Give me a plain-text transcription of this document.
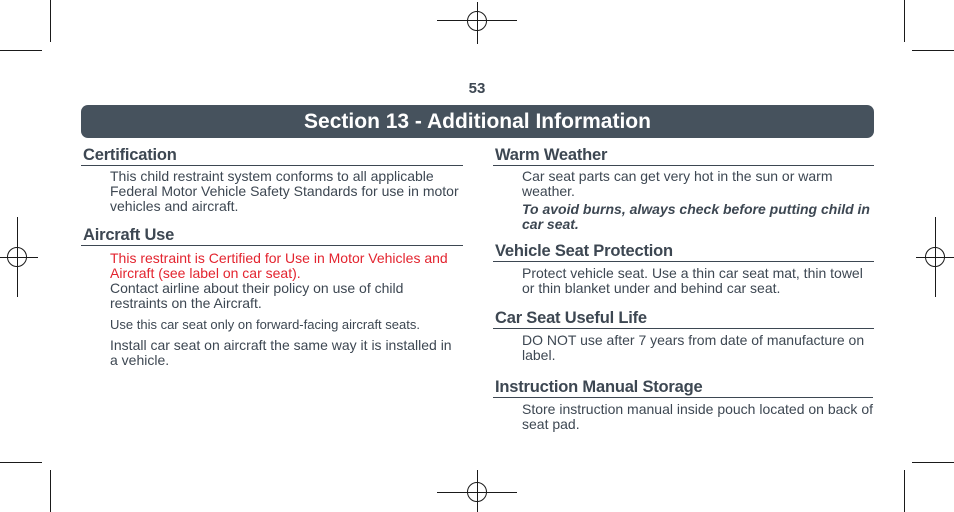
53
Section 13 - Additional Information
Certification
This child restraint system conforms to all applicable Federal Motor Vehicle Safety Standards for use in motor vehicles and aircraft.
Aircraft Use
This restraint is Certified for Use in Motor Vehicles and Aircraft (see label on car seat).
Contact airline about their policy on use of child restraints on the Aircraft.
Use this car seat only on forward-facing aircraft seats.
Install car seat on aircraft the same way it is installed in a vehicle.
Warm Weather
Car seat parts can get very hot in the sun or warm weather.
To avoid burns, always check before putting child in car seat.
Vehicle Seat Protection
Protect vehicle seat. Use a thin car seat mat, thin towel or thin blanket under and behind car seat.
Car Seat Useful Life
DO NOT use after 7 years from date of manufacture on label.
Instruction Manual Storage
Store instruction manual inside pouch located on back of seat pad.
